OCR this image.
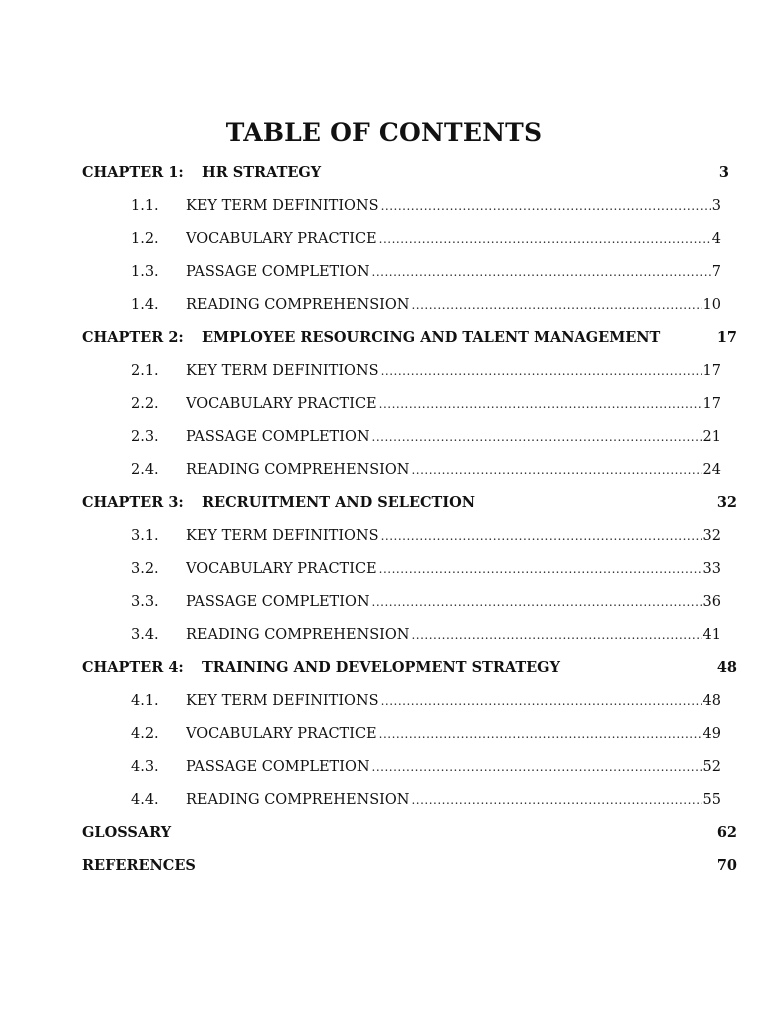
TABLE OF CONTENTS
CHAPTER 1: HR STRATEGY	3
1.1. KEY TERM DEFINITIONS .....	3
1.2. VOCABULARY PRACTICE .....	4
1.3. PASSAGE COMPLETION .....	7
1.4. READING COMPREHENSION .....	10
CHAPTER 2: EMPLOYEE RESOURCING AND TALENT MANAGEMENT	17
2.1. KEY TERM DEFINITIONS .....	17
2.2. VOCABULARY PRACTICE .....	17
2.3. PASSAGE COMPLETION .....	21
2.4. READING COMPREHENSION .....	24
CHAPTER 3: RECRUITMENT AND SELECTION	32
3.1. KEY TERM DEFINITIONS .....	32
3.2. VOCABULARY PRACTICE .....	33
3.3. PASSAGE COMPLETION .....	36
3.4. READING COMPREHENSION .....	41
CHAPTER 4: TRAINING AND DEVELOPMENT STRATEGY	48
4.1. KEY TERM DEFINITIONS .....	48
4.2. VOCABULARY PRACTICE .....	49
4.3. PASSAGE COMPLETION .....	52
4.4. READING COMPREHENSION .....	55
GLOSSARY	62
REFERENCES	70
